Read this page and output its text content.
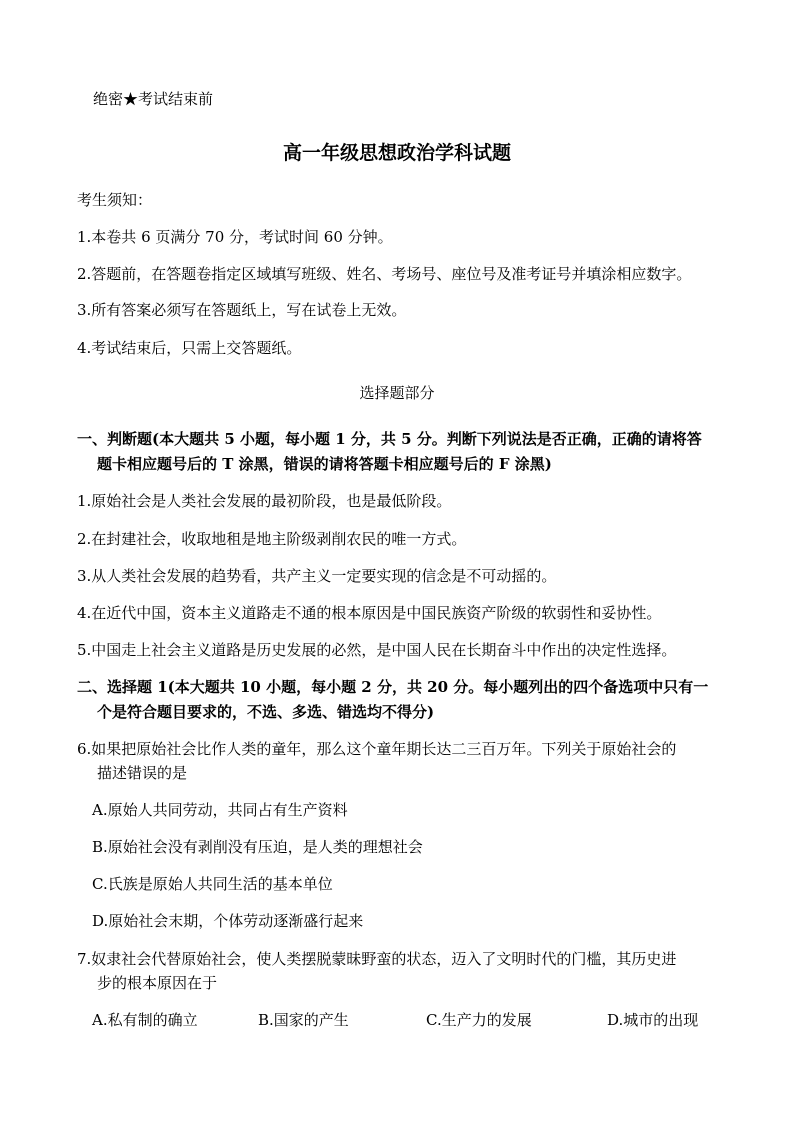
绝密★考试结束前
高一年级思想政治学科试题
考生须知：
1.本卷共 6 页满分 70 分，考试时间 60 分钟。
2.答题前，在答题卷指定区域填写班级、姓名、考场号、座位号及准考证号并填涂相应数字。
3.所有答案必须写在答题纸上，写在试卷上无效。
4.考试结束后，只需上交答题纸。
选择题部分
一、判断题(本大题共 5 小题，每小题 1 分，共 5 分。判断下列说法是否正确，正确的请将答
题卡相应题号后的 T 涂黑，错误的请将答题卡相应题号后的 F 涂黑)
1.原始社会是人类社会发展的最初阶段，也是最低阶段。
2.在封建社会，收取地租是地主阶级剥削农民的唯一方式。
3.从人类社会发展的趋势看，共产主义一定要实现的信念是不可动摇的。
4.在近代中国，资本主义道路走不通的根本原因是中国民族资产阶级的软弱性和妥协性。
5.中国走上社会主义道路是历史发展的必然，是中国人民在长期奋斗中作出的决定性选择。
二、选择题 1(本大题共 10 小题，每小题 2 分，共 20 分。每小题列出的四个备选项中只有一
个是符合题目要求的，不选、多选、错选均不得分)
6.如果把原始社会比作人类的童年，那么这个童年期长达二三百万年。下列关于原始社会的
描述错误的是
A.原始人共同劳动，共同占有生产资料
B.原始社会没有剥削没有压迫，是人类的理想社会
C.氏族是原始人共同生活的基本单位
D.原始社会末期，个体劳动逐渐盛行起来
7.奴隶社会代替原始社会，使人类摆脱蒙昧野蛮的状态，迈入了文明时代的门槛，其历史进
步的根本原因在于
A.私有制的确立	B.国家的产生	C.生产力的发展	D.城市的出现
